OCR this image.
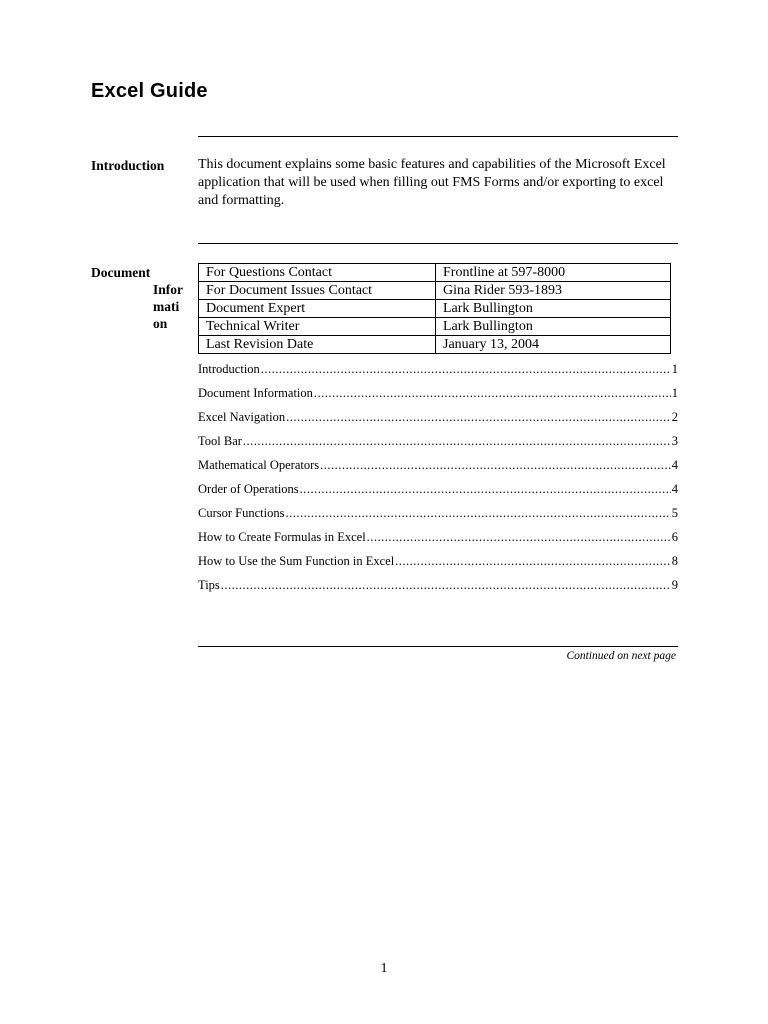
Excel Guide
Introduction This document explains some basic features and capabilities of the Microsoft Excel application that will be used when filling out FMS Forms and/or exporting to excel and formatting.
Document
Infor
mati
on
For Questions Contact	Frontline at 597-8000
For Document Issues Contact	Gina Rider 593-1893
Document Expert	Lark Bullington
Technical Writer	Lark Bullington
Last Revision Date	January 13, 2004
Introduction .....	1
Document Information .....	1
Excel Navigation .....	2
Tool Bar .....	3
Mathematical Operators .....	4
Order of Operations .....	4
Cursor Functions .....	5
How to Create Formulas in Excel .....	6
How to Use the Sum Function in Excel .....	8
Tips .....	9
Continued on next page
1
